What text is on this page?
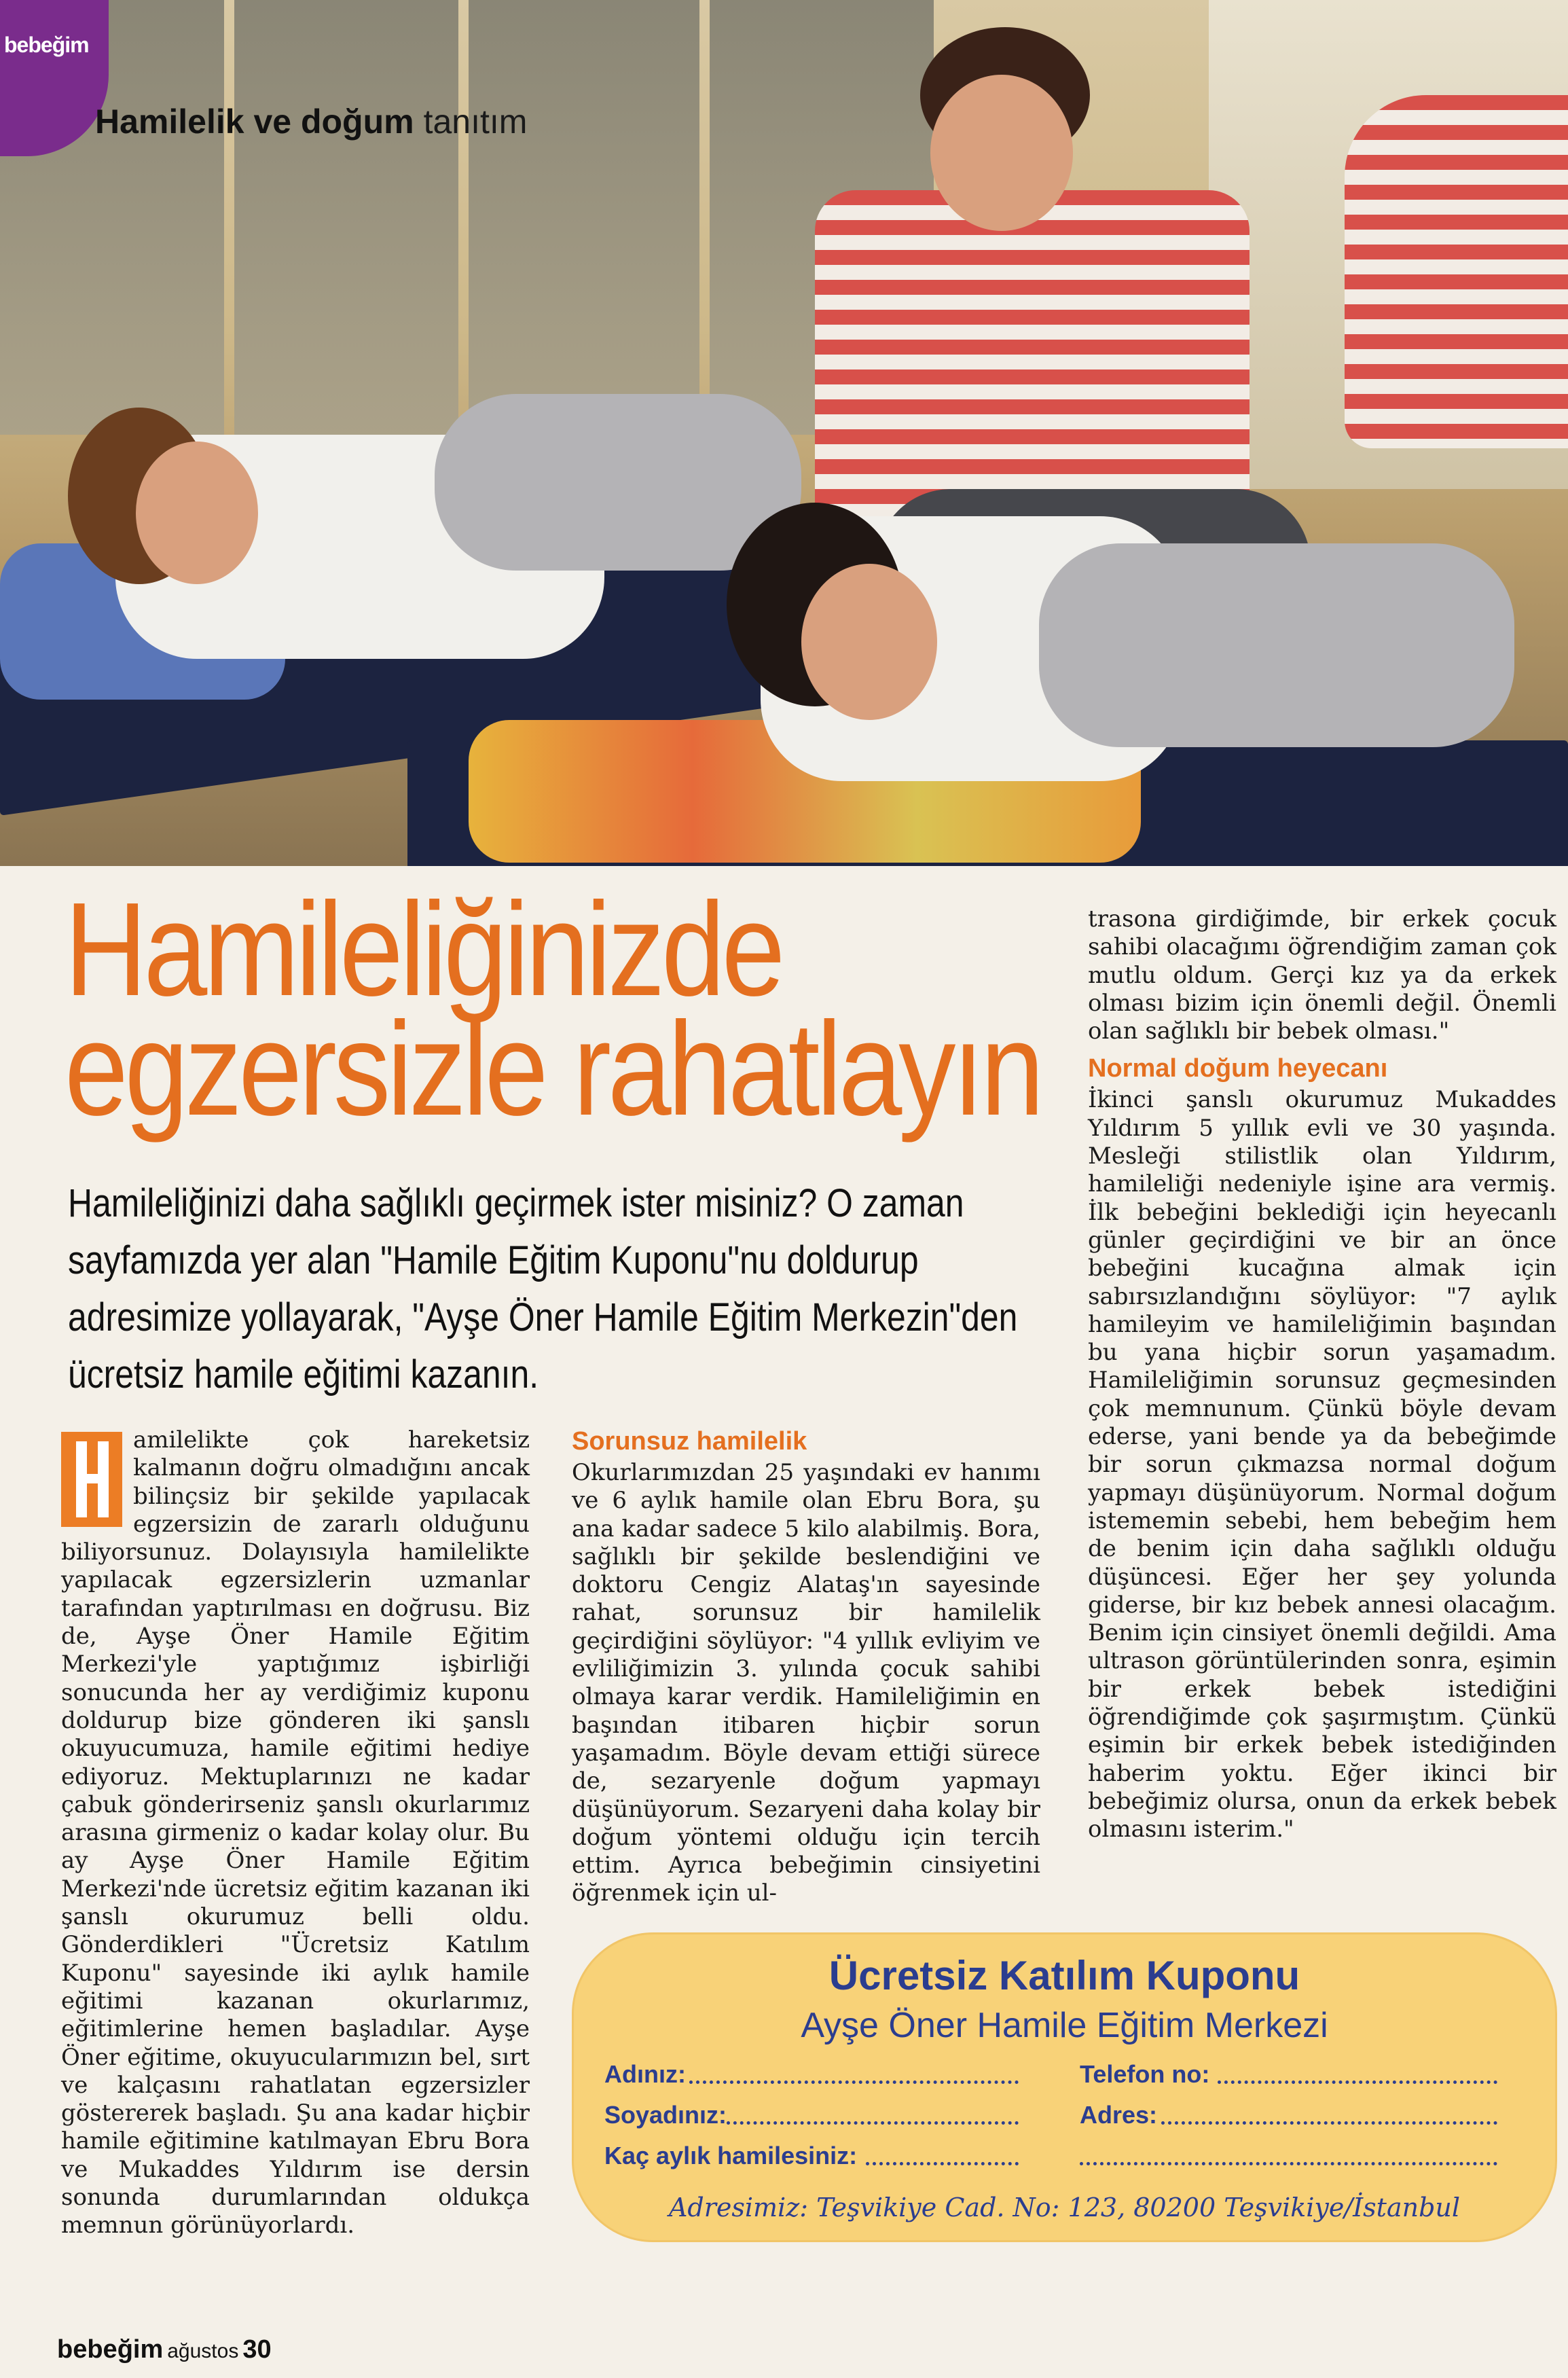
bebeğim
Hamilelik ve doğum tanıtım
Hamileliğinizde
egzersizle rahatlayın
Hamileliğinizi daha sağlıklı geçirmek ister misiniz? O zaman sayfamızda yer alan "Hamile Eğitim Kuponu"nu doldurup adresimize yollayarak, "Ayşe Öner Hamile Eğitim Merkezin"den ücretsiz hamile eğitimi kazanın.

amilelikte çok hareketsiz kalmanın doğru olmadığını ancak bilinçsiz bir şekilde yapılacak egzersizin de zararlı olduğunu biliyorsunuz. Dolayısıyla hamilelikte yapılacak egzersizlerin uzmanlar tarafından yaptırılması en doğrusu. Biz de, Ayşe Öner Hamile Eğitim Merkezi'yle yaptığımız işbirliği sonucunda her ay verdiğimiz kuponu doldurup bize gönderen iki şanslı okuyucumuza, hamile eğitimi hediye ediyoruz. Mektuplarınızı ne kadar çabuk gönderirseniz şanslı okurlarımız arasına girmeniz o kadar kolay olur. Bu ay Ayşe Öner Hamile Eğitim Merkezi'nde ücretsiz eğitim kazanan iki şanslı okurumuz belli oldu. Gönderdikleri "Ücretsiz Katılım Kuponu" sayesinde iki aylık hamile eğitimi kazanan okurlarımız, eğitimlerine hemen başladılar. Ayşe Öner eğitime, okuyucularımızın bel, sırt ve kalçasını rahatlatan egzersizler göstererek başladı. Şu ana kadar hiçbir hamile eğitimine katılmayan Ebru Bora ve Mukaddes Yıldırım ise dersin sonunda durumlarından oldukça memnun görünüyorlardı.

Sorunsuz hamilelik

Okurlarımızdan 25 yaşındaki ev hanımı ve 6 aylık hamile olan Ebru Bora, şu ana kadar sadece 5 kilo alabilmiş. Bora, sağlıklı bir şekilde beslendiğini ve doktoru Cengiz Alataş'ın sayesinde rahat, sorunsuz bir hamilelik geçirdiğini söylüyor: "4 yıllık evliyim ve evliliğimizin 3. yılında çocuk sahibi olmaya karar verdik. Hamileliğimin en başından itibaren hiçbir sorun yaşamadım. Böyle devam ettiği sürece de, sezaryenle doğum yapmayı düşünüyorum. Sezaryeni daha kolay bir doğum yöntemi olduğu için tercih ettim. Ayrıca bebeğimin cinsiyetini öğrenmek için ul-

trasona girdiğimde, bir erkek çocuk sahibi olacağımı öğrendiğim zaman çok mutlu oldum. Gerçi kız ya da erkek olması bizim için önemli değil. Önemli olan sağlıklı bir bebek olması."

Normal doğum heyecanı

İkinci şanslı okurumuz Mukaddes Yıldırım 5 yıllık evli ve 30 yaşında. Mesleği stilistlik olan Yıldırım, hamileliği nedeniyle işine ara vermiş. İlk bebeğini beklediği için heyecanlı günler geçirdiğini ve bir an önce bebeğini kucağına almak için sabırsızlandığını söylüyor: "7 aylık hamileyim ve hamileliğimin başından bu yana hiçbir sorun yaşamadım. Hamileliğimin sorunsuz geçmesinden çok memnunum. Çünkü böyle devam ederse, yani bende ya da bebeğimde bir sorun çıkmazsa normal doğum yapmayı düşünüyorum. Normal doğum istememin sebebi, hem bebeğim hem de benim için daha sağlıklı olduğu düşüncesi. Eğer her şey yolunda giderse, bir kız bebek annesi olacağım. Benim için cinsiyet önemli değildi. Ama ultrason görüntülerinden sonra, eşimin bir erkek bebek istediğini öğrendiğimde çok şaşırmıştım. Çünkü eşimin bir erkek bebek istediğinden haberim yoktu. Eğer ikinci bir bebeğimiz olursa, onun da erkek bebek olmasını isterim."

Ücretsiz Katılım Kuponu
Ayşe Öner Hamile Eğitim Merkezi
Adınız:
Soyadınız:
Kaç aylık hamilesiniz:
Telefon no:
Adres:
Adresimiz: Teşvikiye Cad. No: 123, 80200 Teşvikiye/İstanbul
bebeğim ağustos 30
